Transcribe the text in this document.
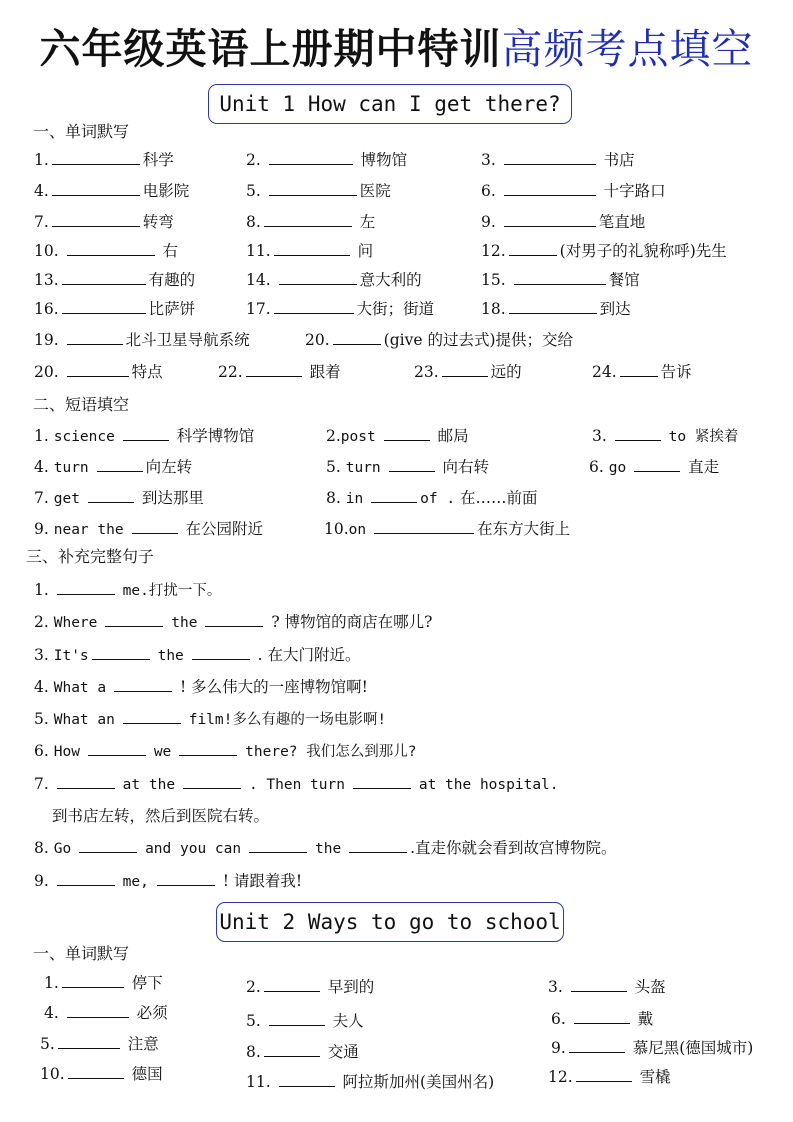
六年级英语上册期中特训高频考点填空
Unit 1 How can I get there?
一、单词默写
1.	科学	2.	博物馆	3.	书店
4.	电影院	5.	医院	6.	十字路口
7.	转弯	8.	左	9.	笔直地
10.	右	11.	问	12.	(对男子的礼貌称呼)先生
13.	有趣的	14.	意大利的	15.	餐馆
16.	比萨饼	17.	大街；街道	18.	到达
19.	北斗卫星导航系统	20.	(give 的过去式)提供；交给
20.	特点	22.	跟着	23.	远的	24.	告诉
二、短语填空
1. science	科学博物馆	2.post	邮局	3.	to 紧挨着
4. turn	向左转	5. turn	向右转	6. go	直走
7. get	到达那里	8. in	of . 在……前面
9. near the	在公园附近	10.on	在东方大街上
三、补充完整句子
1.	me.打扰一下。
2. Where	the	? 博物馆的商店在哪儿?
3. It's	the	. 在大门附近。
4. What a	! 多么伟大的一座博物馆啊!
5. What an	film!多么有趣的一场电影啊!
6. How	we	there? 我们怎么到那儿?
7.	at the	. Then turn	at the hospital.
到书店左转，然后到医院右转。
8. Go	and you can	the	.直走你就会看到故宫博物院。
9.	me,	! 请跟着我!
Unit 2 Ways to go to school
一、单词默写
1.	停下	2.	早到的	3.	头盔
4.	必须	5.	夫人	6.	戴
5.	注意	8.	交通	9.	慕尼黑(德国城市)
10.	德国	11.	阿拉斯加州(美国州名)	12.	雪橇
